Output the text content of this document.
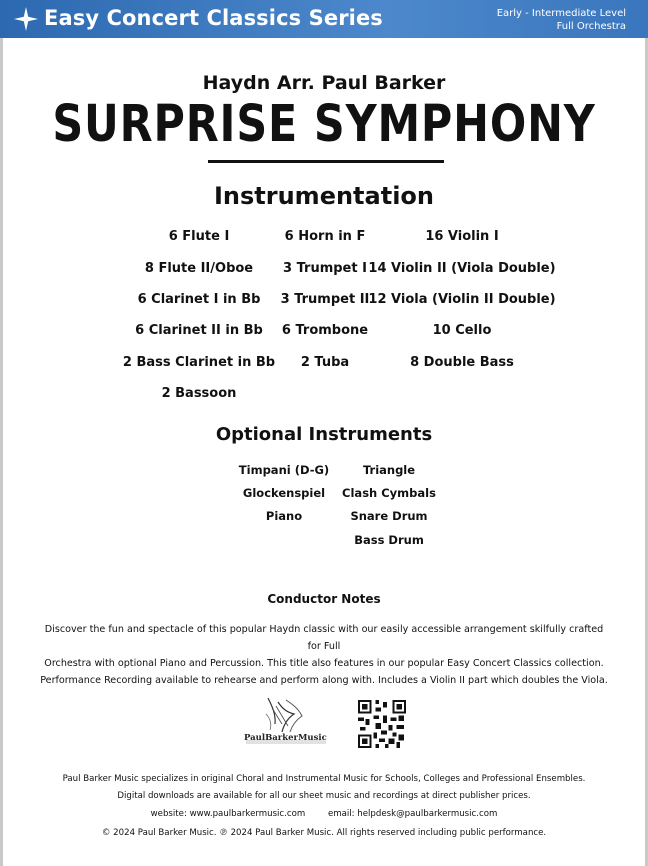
Easy Concert Classics Series	Early - Intermediate Level
Full Orchestra
Haydn Arr. Paul Barker
SURPRISE SYMPHONY
Instrumentation
6 Flute I
8 Flute II/Oboe
6 Clarinet I in Bb
6 Clarinet II in Bb
2 Bass Clarinet in Bb
2 Bassoon
6 Horn in F
3 Trumpet I
3 Trumpet II
6 Trombone
2 Tuba
16 Violin I
14 Violin II (Viola Double)
12 Viola (Violin II Double)
10 Cello
8 Double Bass
Optional Instruments
Timpani (D-G)
Glockenspiel
Piano
Triangle
Clash Cymbals
Snare Drum
Bass Drum
Conductor Notes
Discover the fun and spectacle of this popular Haydn classic with our easily accessible arrangement skilfully crafted for Full
Orchestra with optional Piano and Percussion. This title also features in our popular Easy Concert Classics collection.
Performance Recording available to rehearse and perform along with. Includes a Violin II part which doubles the Viola.
PaulBarkerMusic
Paul Barker Music specializes in original Choral and Instrumental Music for Schools, Colleges and Professional Ensembles.
Digital downloads are available for all our sheet music and recordings at direct publisher prices.
website: www.paulbarkermusic.com	email: helpdesk@paulbarkermusic.com
© 2024 Paul Barker Music. ℗ 2024 Paul Barker Music. All rights reserved including public performance.
